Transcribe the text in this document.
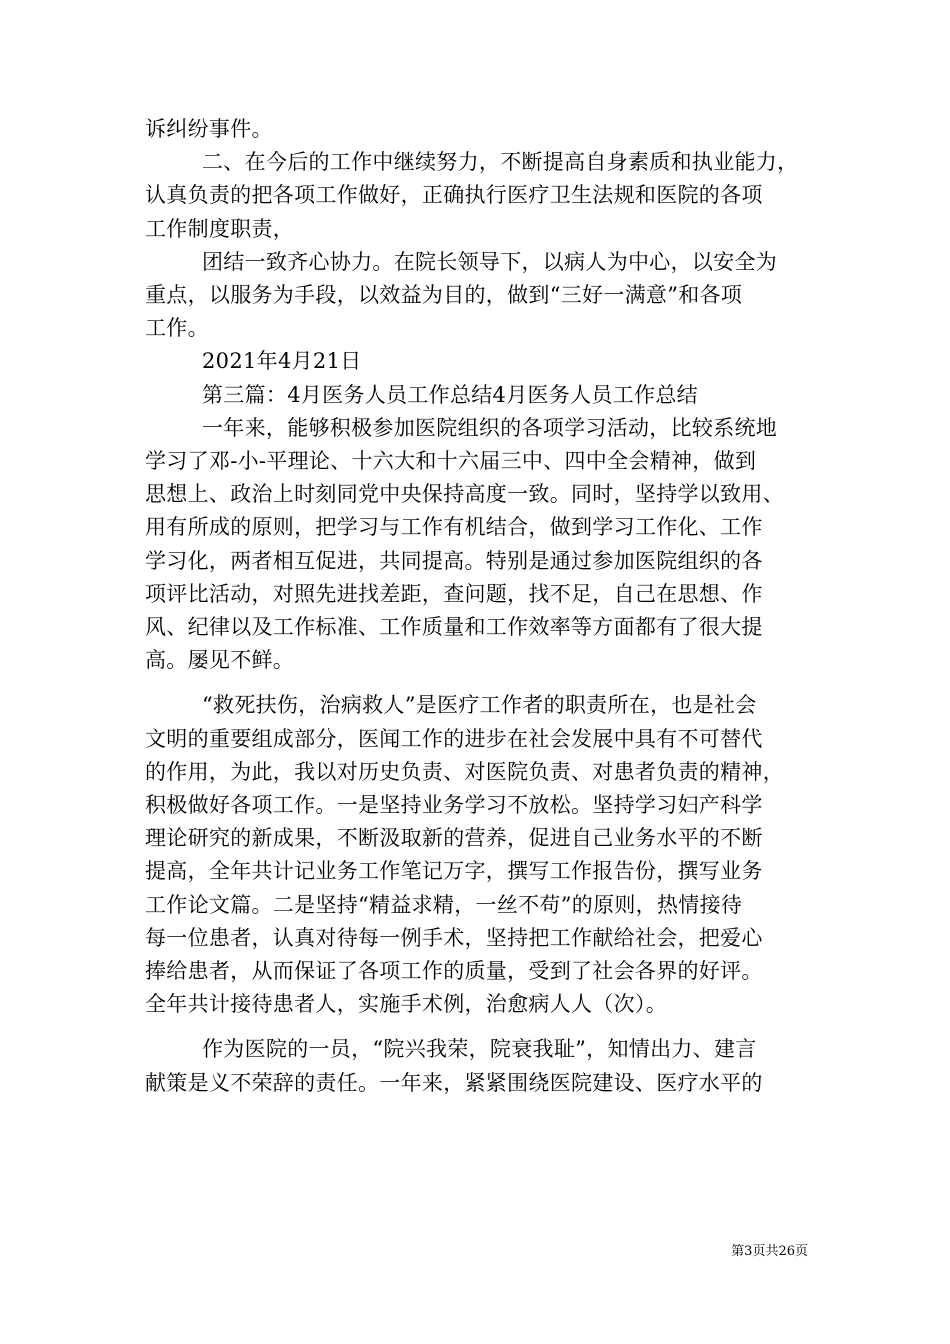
诉纠纷事件。
二、在今后的工作中继续努力，不断提高自身素质和执业能力，
认真负责的把各项工作做好，正确执行医疗卫生法规和医院的各项
工作制度职责，
团结一致齐心协力。在院长领导下，以病人为中心，以安全为
重点，以服务为手段，以效益为目的，做到“三好一满意”和各项
工作。
2021年4月21日
第三篇：4月医务人员工作总结4月医务人员工作总结
一年来，能够积极参加医院组织的各项学习活动，比较系统地
学习了邓-小-平理论、十六大和十六届三中、四中全会精神，做到
思想上、政治上时刻同党中央保持高度一致。同时，坚持学以致用、
用有所成的原则，把学习与工作有机结合，做到学习工作化、工作
学习化，两者相互促进，共同提高。特别是通过参加医院组织的各
项评比活动，对照先进找差距，查问题，找不足，自己在思想、作
风、纪律以及工作标准、工作质量和工作效率等方面都有了很大提
高。屡见不鲜。
“救死扶伤，治病救人”是医疗工作者的职责所在，也是社会
文明的重要组成部分，医闻工作的进步在社会发展中具有不可替代
的作用，为此，我以对历史负责、对医院负责、对患者负责的精神，
积极做好各项工作。一是坚持业务学习不放松。坚持学习妇产科学
理论研究的新成果，不断汲取新的营养，促进自己业务水平的不断
提高，全年共计记业务工作笔记万字，撰写工作报告份，撰写业务
工作论文篇。二是坚持“精益求精，一丝不苟”的原则，热情接待
每一位患者，认真对待每一例手术，坚持把工作献给社会，把爱心
捧给患者，从而保证了各项工作的质量，受到了社会各界的好评。
全年共计接待患者人，实施手术例，治愈病人人（次）。
作为医院的一员，“院兴我荣，院衰我耻”，知情出力、建言
献策是义不荣辞的责任。一年来，紧紧围绕医院建设、医疗水平的
第3页共26页
